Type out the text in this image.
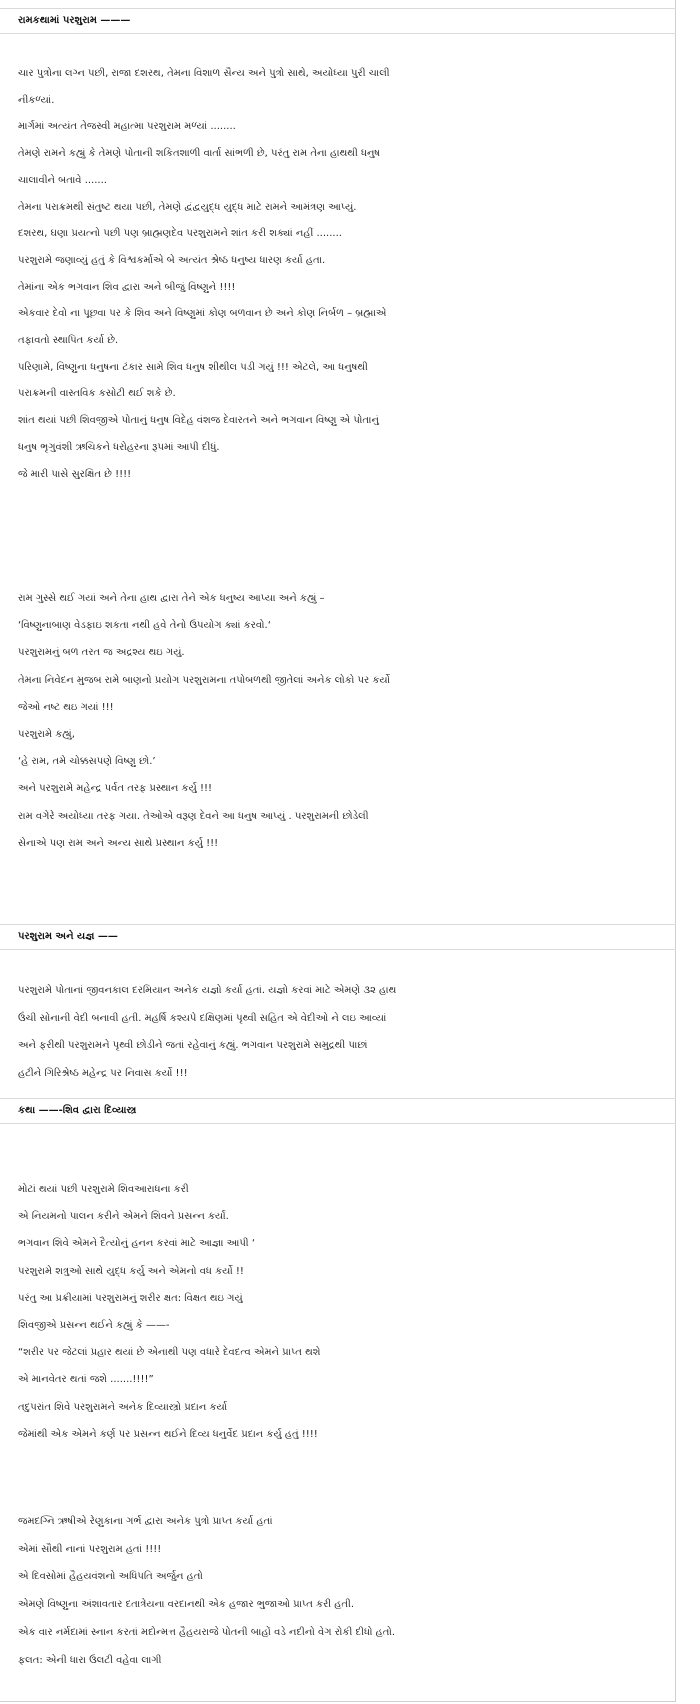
રામકથામાં પરશુરામ ———

ચાર પુત્રોના લગ્ન પછી, રાજા દશરથ, તેમના વિશાળ સૈન્ય અને પુત્રો સાથે, અયોધ્યા પુરી ચાલી

નીકળ્યાં.

માર્ગમાં અત્યંત તેજસ્વી મહાત્મા પરશુરામ મળ્યાં ........

તેમણે રામને કહ્યું કે તેમણે પોતાની શકિતશાળી વાર્તા સાંભળી છે, પરંતુ રામ તેના હાથથી ધનુષ

ચાલાવીને બતાવે .......

તેમના પરાક્રમથી સંતુષ્ટ થયા પછી, તેમણે દ્વંદ્વયુદ્ધ યુદ્ધ માટે રામને આમંત્રણ આપ્યું.

દશરથ, ઘણા પ્રયત્નો પછી પણ બ્રાહ્મણદેવ પરશુરામને શાંત કરી શક્યાં નહીં ........

પરશુરામે જણાવ્યું હતું કે વિશ્વકર્માએ બે અત્યંત શ્રેષ્ઠ ધનુષ્ય ધારણ કર્યા હતા.

તેમાંના એક ભગવાન શિવ દ્વારા અને બીજું વિષ્ણુને !!!!

એકવાર દેવો ના પૂછવા પર કે શિવ અને વિષ્ણુમાં કોણ બળવાન છે અને કોણ નિર્બળ – બ્રહ્માએ

તફાવતો સ્થાપિત કર્યા છે.

પરિણામે, વિષ્ણુના ધનુષના ટંકાર સામે શિવ ધનુષ શીથીલ પડી ગયું !!! એટલે, આ ધનુષથી

પરાક્રમની વાસ્તવિક કસોટી થઈ શકે છે.

શાંત થયાં પછી શિવજીએ પોતાનું ધનુષ વિદેહ વંશજ દેવારતને અને ભગવાન વિષ્ણુ એ પોતાનું

ધનુષ ભૃગુવંશી ઋચિકને ધરોહરના રૂપમાં આપી દીધું.

જે મારી પાસે સુરક્ષિત છે !!!!

રામ ગુસ્સે થઈ ગયાં અને તેના હાથ દ્વારા તેને એક ધનુષ્ય આપ્યા અને કહ્યું –

‘વિષ્ણુનાબાણ વેડફાઇ શકતા નથી હવે તેનો ઉપયોગ ક્યાં કરવો.‘

પરશુરામનું બળ તરત જ અદ્રશ્ય થઇ ગયું.

તેમના નિવેદન મુજબ રામે બાણનો પ્રયોગ પરશુરામના તપોબળથી જીતેલાં અનેક લોકો પર કર્યો

જેઓ નષ્ટ થઇ ગયાં !!!

પરશુરામે કહ્યું,

‘હે રામ, તમે ચોક્કસપણે વિષ્ણુ છો.’

અને પરશુરામે મહેન્દ્ર પર્વત તરફ પ્રસ્થાન કર્યુ !!!

રામ વગેરે અયોધ્યા તરફ ગયા. તેઓએ વરૂણ દેવને આ ધનુષ આપ્યું . પરશુરામની છોડેલી

સેનાએ પણ રામ અને અન્ય સાથે પ્રસ્થાન કર્યુ !!!

પરશુરામ અને યજ્ઞ ——

પરશુરામે પોતાનાં જીવનકાલ દરમિયાન અનેક યજ્ઞો કર્યા હતાં. યજ્ઞો કરવાં માટે એમણે ૩૨ હાથ

ઉંચી સોનાની વેદી બનાવી હતી. મહર્ષિ કશ્યપે દક્ષિણમાં પૃથ્વી સહિત એ વેદીઓ ને લઇ આવ્યાં

અને ફરીથી પરશુરામને પૃથ્વી છોડીને જતાં રહેવાનું કહ્યું. ભગવાન પરશુરામે સમુદ્રથી પાછાં

હટીને ગિરિશ્રેષ્ઠ મહેન્દ્ર પર નિવાસ કર્યો !!!

કથા ——-શિવ દ્વારા દિવ્યાસ્ત્ર

મોટાં થયાં પછી પરશુરામે શિવઆરાધના કરી

એ નિયમનો પાલન કરીને એમને શિવને પ્રસન્ન કર્યાં.

ભગવાન શિવે એમને દૈત્યોનું હનન કરવાં માટે આજ્ઞા આપી ‘

પરશુરામે શત્રુઓ સાથે યુદ્ધ કર્યુ અને એમનો વધ કર્યો !!

પરંતુ આ પ્રક્રીયામાં પરશુરામનું શરીર ક્ષત: વિક્ષત થઇ ગયું

શિવજીએ પ્રસન્ન થઈને કહ્યું કે ——-

“શરીર પર જેટલાં પ્રહાર થયાં છે એનાથી પણ વધારે દેવદત્વ એમને પ્રાપ્ત થશે

એ માનવેતર થતાં જશે .......!!!!”

તદુપરાંત શિવે પરશુરામને અનેક દિવ્યાસ્ત્રો પ્રદાન કર્યા

જેમાંથી એક એમને કર્ણ પર પ્રસન્ન થઈને દિવ્ય ધનુર્વેદ પ્રદાન કર્યુ હતું !!!!

જમદગ્નિ ઋષીએ રેણુકાના ગર્ભ દ્વારા અનેક પુત્રો પ્રાપ્ત કર્યા હતાં

એમાં સૌથી નાનાં પરશુરામ હતાં !!!!

એ દિવસોમાં હૈહયવંશનો અધિપતિ અર્જુન હતો

એમણે વિષ્ણુના અંશાવતાર દતાત્રેયના વરદાનથી એક હજાર ભુજાઓ પ્રાપ્ત કરી હતી.

એક વાર નર્મદામાં સ્નાન કરતાં મદોન્મત્ત હૈહયરાજે પોતની બાહોં વડે નદીનો વેગ રોકી દીધો હતો.

ફલત: એની ધારા ઉલટી વહેવા લાગી
